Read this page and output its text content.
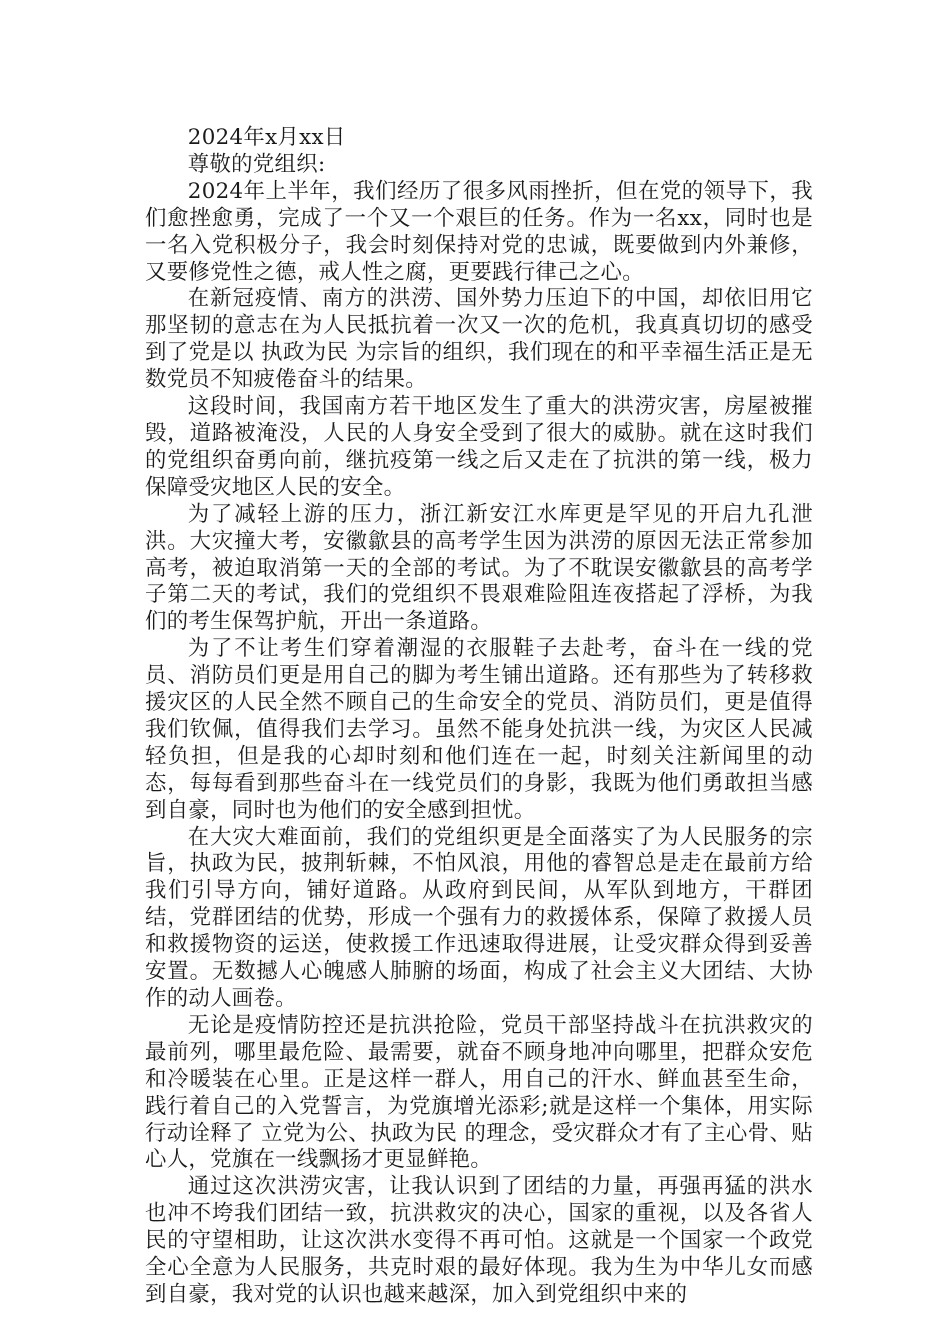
2024年x月xx日

尊敬的党组织:

2024年上半年，我们经历了很多风雨挫折，但在党的领导下，我们愈挫愈勇，完成了一个又一个艰巨的任务。作为一名xx，同时也是一名入党积极分子，我会时刻保持对党的忠诚，既要做到内外兼修，又要修党性之德，戒人性之腐，更要践行律己之心。

在新冠疫情、南方的洪涝、国外势力压迫下的中国，却依旧用它那坚韧的意志在为人民抵抗着一次又一次的危机，我真真切切的感受到了党是以 执政为民 为宗旨的组织，我们现在的和平幸福生活正是无数党员不知疲倦奋斗的结果。

这段时间，我国南方若干地区发生了重大的洪涝灾害，房屋被摧毁，道路被淹没，人民的人身安全受到了很大的威胁。就在这时我们的党组织奋勇向前，继抗疫第一线之后又走在了抗洪的第一线，极力保障受灾地区人民的安全。

为了减轻上游的压力，浙江新安江水库更是罕见的开启九孔泄洪。大灾撞大考，安徽歙县的高考学生因为洪涝的原因无法正常参加高考，被迫取消第一天的全部的考试。为了不耽误安徽歙县的高考学子第二天的考试，我们的党组织不畏艰难险阻连夜搭起了浮桥，为我们的考生保驾护航，开出一条道路。

为了不让考生们穿着潮湿的衣服鞋子去赴考，奋斗在一线的党员、消防员们更是用自己的脚为考生铺出道路。还有那些为了转移救援灾区的人民全然不顾自己的生命安全的党员、消防员们，更是值得我们钦佩，值得我们去学习。虽然不能身处抗洪一线，为灾区人民减轻负担，但是我的心却时刻和他们连在一起，时刻关注新闻里的动态，每每看到那些奋斗在一线党员们的身影，我既为他们勇敢担当感到自豪，同时也为他们的安全感到担忧。

在大灾大难面前，我们的党组织更是全面落实了为人民服务的宗旨，执政为民，披荆斩棘，不怕风浪，用他的睿智总是走在最前方给我们引导方向，铺好道路。从政府到民间，从军队到地方，干群团结，党群团结的优势，形成一个强有力的救援体系，保障了救援人员和救援物资的运送，使救援工作迅速取得进展，让受灾群众得到妥善安置。无数撼人心魄感人肺腑的场面，构成了社会主义大团结、大协作的动人画卷。

无论是疫情防控还是抗洪抢险，党员干部坚持战斗在抗洪救灾的最前列，哪里最危险、最需要，就奋不顾身地冲向哪里，把群众安危和冷暖装在心里。正是这样一群人，用自己的汗水、鲜血甚至生命，践行着自己的入党誓言，为党旗增光添彩;就是这样一个集体，用实际行动诠释了 立党为公、执政为民 的理念，受灾群众才有了主心骨、贴心人，党旗在一线飘扬才更显鲜艳。

通过这次洪涝灾害，让我认识到了团结的力量，再强再猛的洪水也冲不垮我们团结一致，抗洪救灾的决心，国家的重视，以及各省人民的守望相助，让这次洪水变得不再可怕。这就是一个国家一个政党全心全意为人民服务，共克时艰的最好体现。我为生为中华儿女而感到自豪，我对党的认识也越来越深，加入到党组织中来的
